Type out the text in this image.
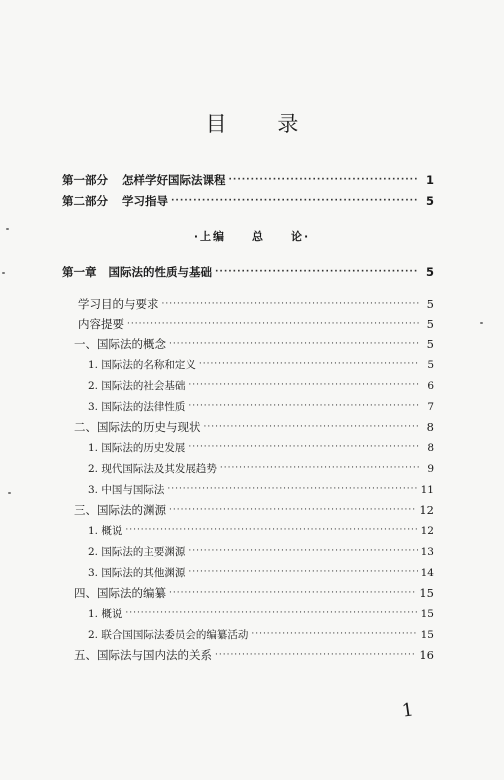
目 录
第一部分 怎样学好国际法课程 ·····	1
第二部分 学习指导 ·····	5
·上编 总 论·
第一章 国际法的性质与基础 ·····	5
学习目的与要求 ·····	5
内容提要 ·····	5
一、国际法的概念 ·····	5
1. 国际法的名称和定义 ·····	5
2. 国际法的社会基础 ·····	6
3. 国际法的法律性质 ·····	7
二、国际法的历史与现状 ·····	8
1. 国际法的历史发展 ·····	8
2. 现代国际法及其发展趋势 ·····	9
3. 中国与国际法 ·····	11
三、国际法的渊源 ·····	12
1. 概说 ·····	12
2. 国际法的主要渊源 ·····	13
3. 国际法的其他渊源 ·····	14
四、国际法的编纂 ·····	15
1. 概说 ·····	15
2. 联合国国际法委员会的编纂活动 ·····	15
五、国际法与国内法的关系 ·····	16
1
